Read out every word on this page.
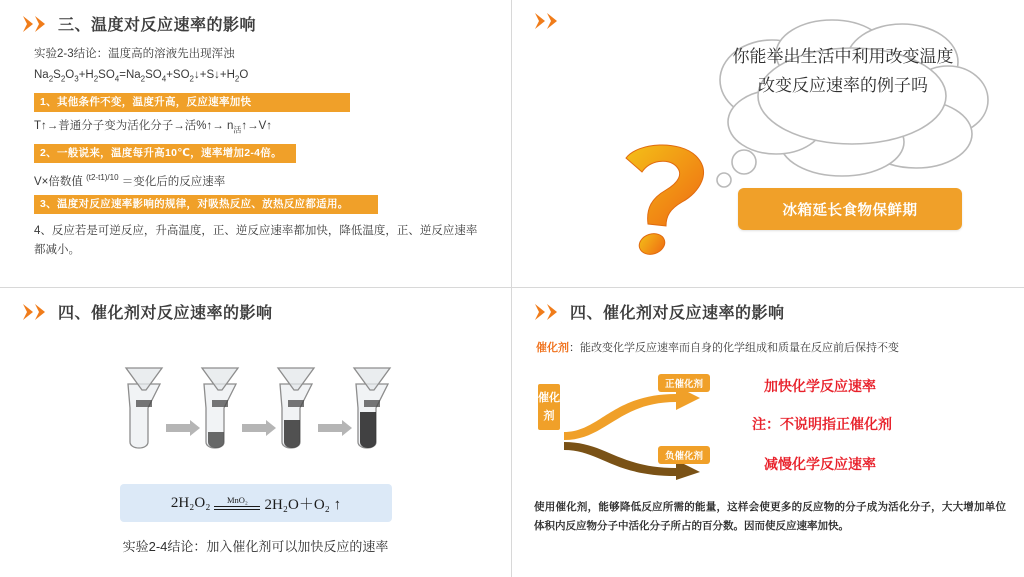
三、温度对反应速率的影响

实验2-3结论：温度高的溶液先出现浑浊

$Na_2S_2O_3+H_2SO_4=Na_2SO_4+SO_2↓+S↓+H_2O$

1、其他条件不变，温度升高，反应速率加快

T↑→普通分子变为活化分子→活%↑→ $n_活↑\to V↑$

2、一般说来，温度每升高10℃，速率增加2-4倍。

V×倍数值 $^{(t2-t1)/10}$ ＝变化后的反应速率

3、温度对反应速率影响的规律，对吸热反应、放热反应都适用。

4、反应若是可逆反应，升高温度，正、逆反应速率都加快，降低温度，正、逆反应速率都减小。

你能举出生活中利用改变温度改变反应速率的例子吗
冰箱延长食物保鲜期
四、催化剂对反应速率的影响
2H₂O₂ MnO₂ 2H₂O＋O₂ ↑
实验2-4结论：加入催化剂可以加快反应的速率
四、催化剂对反应速率的影响
催化剂：能改变化学反应速率而自身的化学组成和质量在反应前后保持不变
催化剂
正催化剂
负催化剂
加快化学反应速率
注：不说明指正催化剂
减慢化学反应速率
使用催化剂，能够降低反应所需的能量，这样会使更多的反应物的分子成为活化分子，大大增加单位体积内反应物分子中活化分子所占的百分数。因而使反应速率加快。
